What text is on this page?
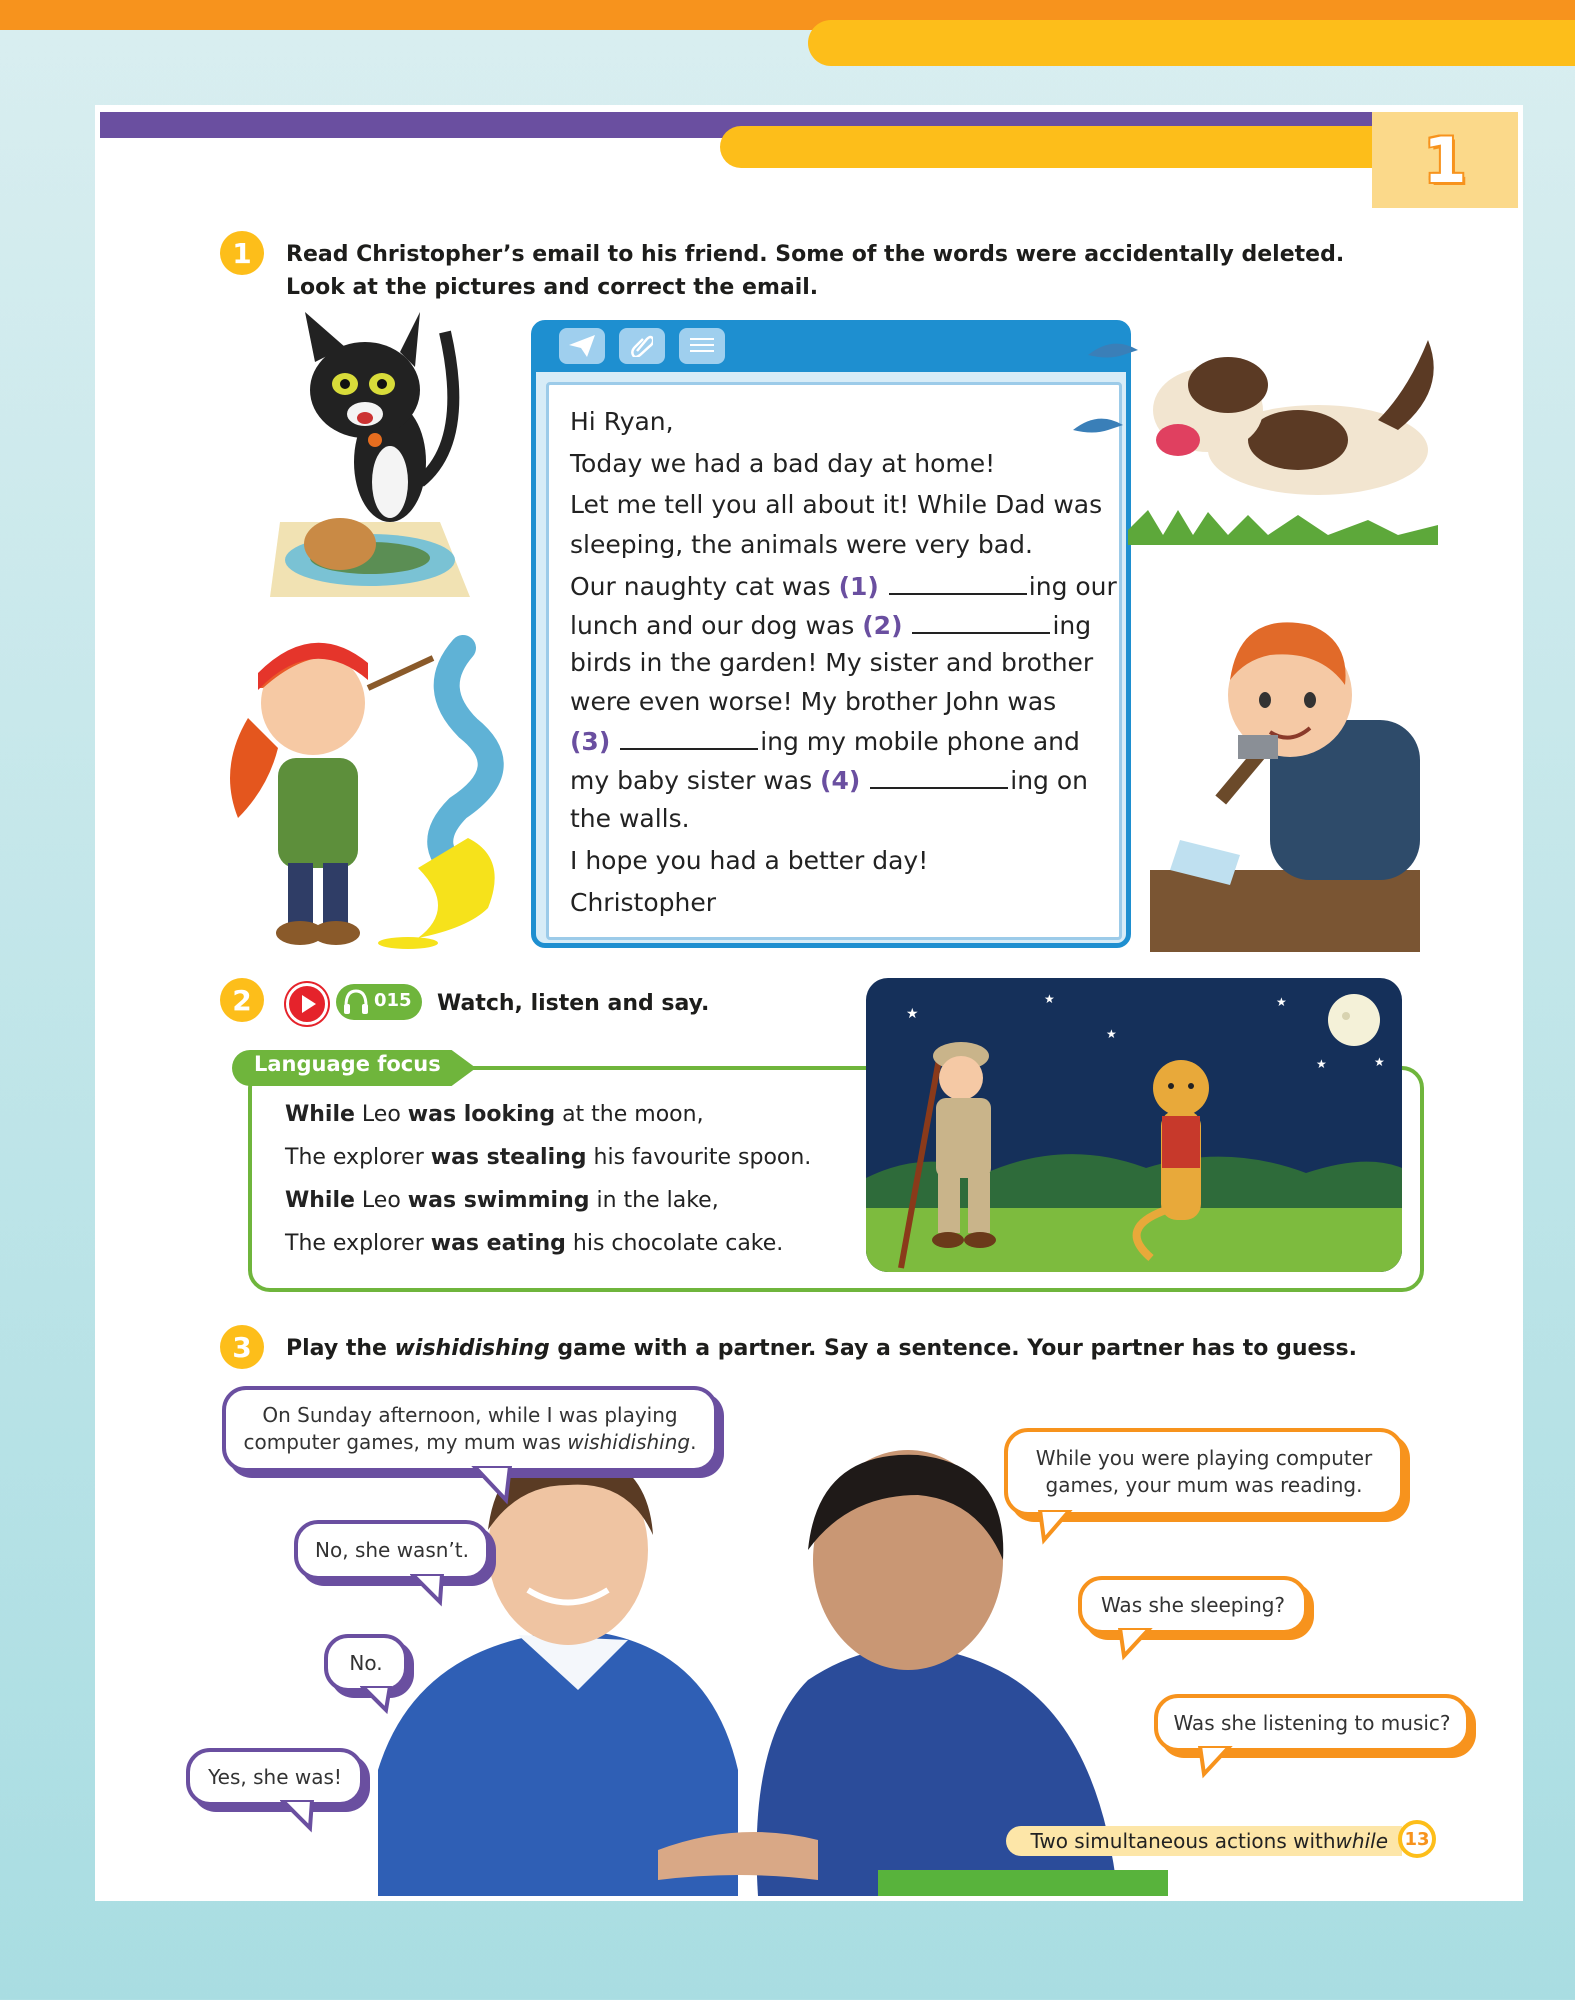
1
1	Read Christopher’s email to his friend. Some of the words were accidentally deleted.
Look at the pictures and correct the email.
Hi Ryan,
Today we had a bad day at home!
Let me tell you all about it! While Dad was
sleeping, the animals were very bad.
Our naughty cat was (1)	ing our
lunch and our dog was (2)	ing
birds in the garden! My sister and brother
were even worse! My brother John was
(3)	ing my mobile phone and
my baby sister was (4)	ing on
the walls.
I hope you had a better day!
Christopher
2	015 Watch, listen and say.
Language focus
While Leo was looking at the moon,
The explorer was stealing his favourite spoon.
While Leo was swimming in the lake,
The explorer was eating his chocolate cake.
★
★
★
★
★	★
3	Play the wishidishing game with a partner. Say a sentence. Your partner has to guess.
On Sunday afternoon, while I was playing
computer games, my mum was wishidishing.
No, she wasn’t.
No.
Yes, she was!
While you were playing computer
games, your mum was reading.
Was she sleeping?
Was she listening to music?
Two simultaneous actions with while 13
